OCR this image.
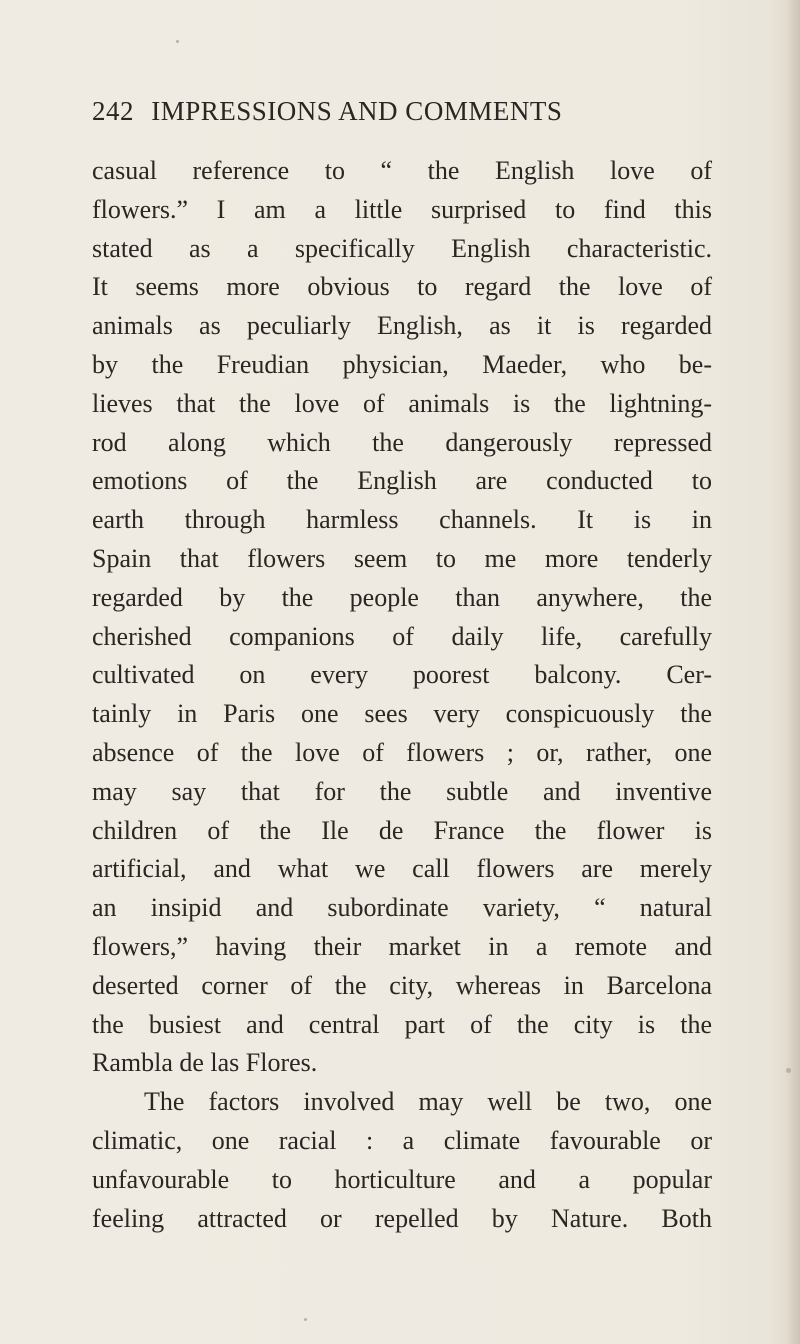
242 IMPRESSIONS AND COMMENTS
casual reference to “ the English love of
flowers.” I am a little surprised to find this
stated as a specifically English characteristic.
It seems more obvious to regard the love of
animals as peculiarly English, as it is regarded
by the Freudian physician, Maeder, who be-
lieves that the love of animals is the lightning-
rod along which the dangerously repressed
emotions of the English are conducted to
earth through harmless channels. It is in
Spain that flowers seem to me more tenderly
regarded by the people than anywhere, the
cherished companions of daily life, carefully
cultivated on every poorest balcony. Cer-
tainly in Paris one sees very conspicuously the
absence of the love of flowers ; or, rather, one
may say that for the subtle and inventive
children of the Ile de France the flower is
artificial, and what we call flowers are merely
an insipid and subordinate variety, “ natural
flowers,” having their market in a remote and
deserted corner of the city, whereas in Barcelona
the busiest and central part of the city is the
Rambla de las Flores.
The factors involved may well be two, one
climatic, one racial : a climate favourable or
unfavourable to horticulture and a popular
feeling attracted or repelled by Nature. Both
